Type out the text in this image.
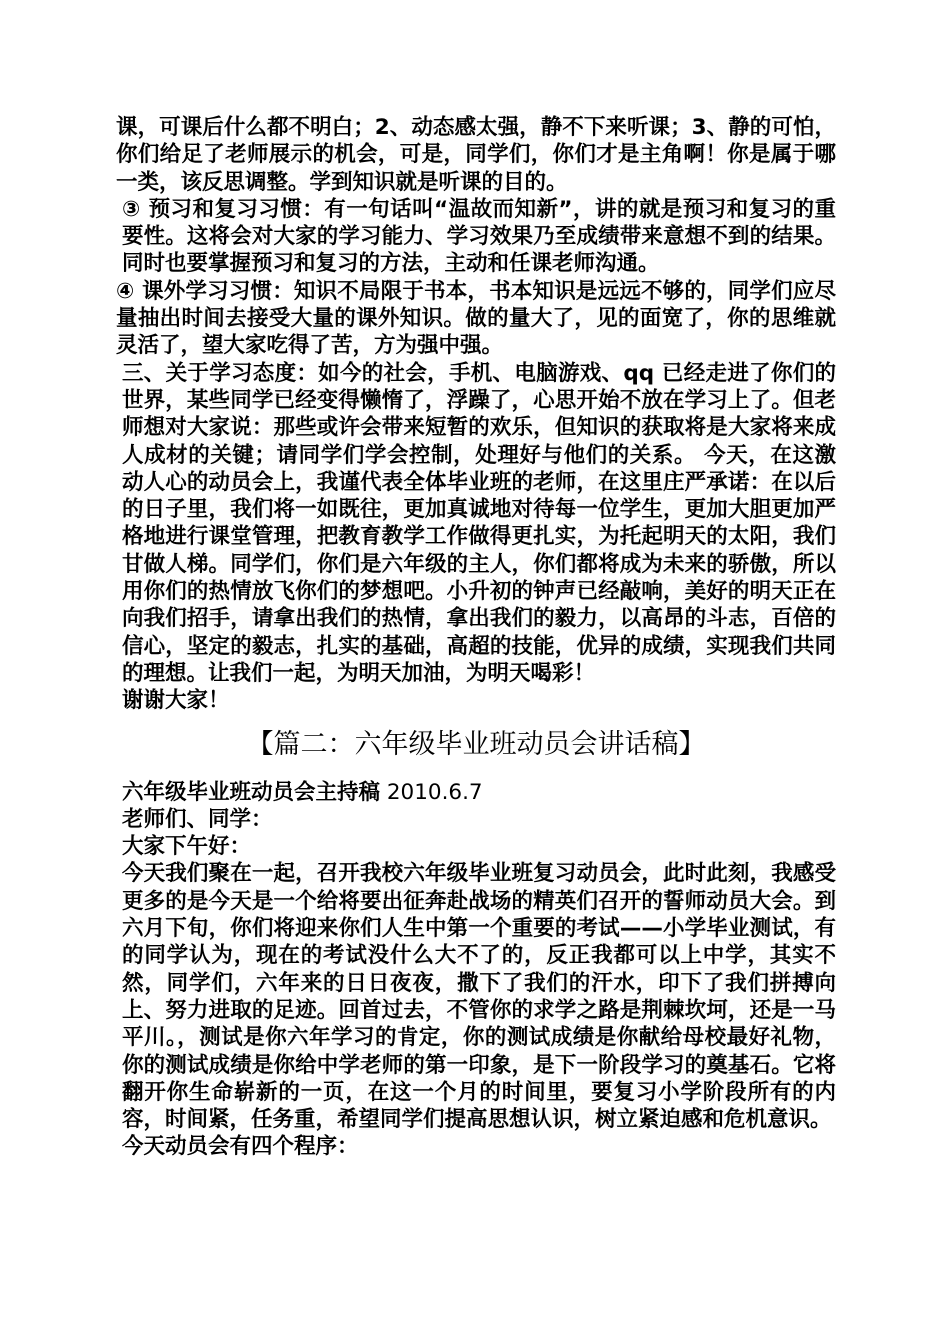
课，可课后什么都不明白；2、动态感太强，静不下来听课；3、静的可怕，你们给足了老师展示的机会，可是，同学们，你们才是主角啊！你是属于哪一类，该反思调整。学到知识就是听课的目的。

③ 预习和复习习惯：有一句话叫“温故而知新”，讲的就是预习和复习的重要性。这将会对大家的学习能力、学习效果乃至成绩带来意想不到的结果。同时也要掌握预习和复习的方法，主动和任课老师沟通。

④ 课外学习习惯：知识不局限于书本，书本知识是远远不够的，同学们应尽量抽出时间去接受大量的课外知识。做的量大了，见的面宽了，你的思维就灵活了，望大家吃得了苦，方为强中强。

三、关于学习态度：如今的社会，手机、电脑游戏、qq 已经走进了你们的世界，某些同学已经变得懒惰了，浮躁了，心思开始不放在学习上了。但老师想对大家说：那些或许会带来短暂的欢乐，但知识的获取将是大家将来成人成材的关键；请同学们学会控制，处理好与他们的关系。 今天，在这激动人心的动员会上，我谨代表全体毕业班的老师，在这里庄严承诺：在以后的日子里，我们将一如既往，更加真诚地对待每一位学生，更加大胆更加严格地进行课堂管理，把教育教学工作做得更扎实，为托起明天的太阳，我们甘做人梯。同学们，你们是六年级的主人，你们都将成为未来的骄傲，所以用你们的热情放飞你们的梦想吧。小升初的钟声已经敲响，美好的明天正在向我们招手，请拿出我们的热情，拿出我们的毅力，以高昂的斗志，百倍的信心，坚定的毅志，扎实的基础，高超的技能，优异的成绩，实现我们共同的理想。让我们一起，为明天加油，为明天喝彩！

谢谢大家！

【篇二：六年级毕业班动员会讲话稿】

六年级毕业班动员会主持稿 2010.6.7

老师们、同学：

大家下午好：

今天我们聚在一起，召开我校六年级毕业班复习动员会，此时此刻，我感受更多的是今天是一个给将要出征奔赴战场的精英们召开的誓师动员大会。到六月下旬，你们将迎来你们人生中第一个重要的考试——小学毕业测试，有的同学认为，现在的考试没什么大不了的，反正我都可以上中学，其实不然，同学们，六年来的日日夜夜，撒下了我们的汗水，印下了我们拼搏向上、努力进取的足迹。回首过去，不管你的求学之路是荆棘坎坷，还是一马平川。，测试是你六年学习的肯定，你的测试成绩是你献给母校最好礼物，你的测试成绩是你给中学老师的第一印象，是下一阶段学习的奠基石。它将翻开你生命崭新的一页，在这一个月的时间里，要复习小学阶段所有的内容，时间紧，任务重，希望同学们提高思想认识，树立紧迫感和危机意识。

今天动员会有四个程序：
